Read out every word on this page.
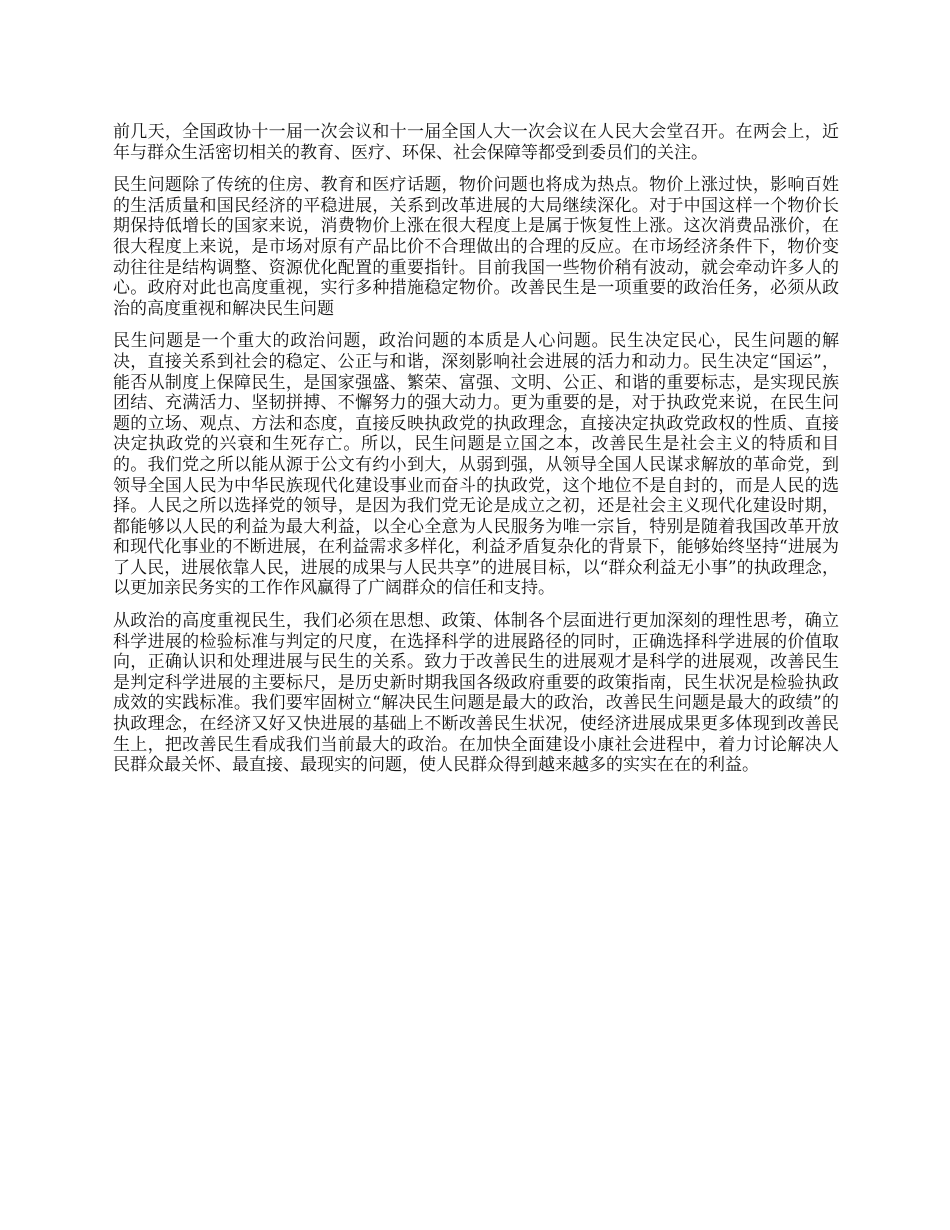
前几天，全国政协十一届一次会议和十一届全国人大一次会议在人民大会堂召开。在两会上，近年与群众生活密切相关的教育、医疗、环保、社会保障等都受到委员们的关注。

民生问题除了传统的住房、教育和医疗话题，物价问题也将成为热点。物价上涨过快，影响百姓的生活质量和国民经济的平稳进展，关系到改革进展的大局继续深化。对于中国这样一个物价长期保持低增长的国家来说，消费物价上涨在很大程度上是属于恢复性上涨。这次消费品涨价，在很大程度上来说，是市场对原有产品比价不合理做出的合理的反应。在市场经济条件下，物价变动往往是结构调整、资源优化配置的重要指针。目前我国一些物价稍有波动，就会牵动许多人的心。政府对此也高度重视，实行多种措施稳定物价。改善民生是一项重要的政治任务，必须从政治的高度重视和解决民生问题

民生问题是一个重大的政治问题，政治问题的本质是人心问题。民生决定民心，民生问题的解决，直接关系到社会的稳定、公正与和谐，深刻影响社会进展的活力和动力。民生决定“国运”，能否从制度上保障民生，是国家强盛、繁荣、富强、文明、公正、和谐的重要标志，是实现民族团结、充满活力、坚韧拼搏、不懈努力的强大动力。更为重要的是，对于执政党来说，在民生问题的立场、观点、方法和态度，直接反映执政党的执政理念，直接决定执政党政权的性质、直接决定执政党的兴衰和生死存亡。所以，民生问题是立国之本，改善民生是社会主义的特质和目的。我们党之所以能从源于公文有约小到大，从弱到强，从领导全国人民谋求解放的革命党，到领导全国人民为中华民族现代化建设事业而奋斗的执政党，这个地位不是自封的，而是人民的选择。人民之所以选择党的领导，是因为我们党无论是成立之初，还是社会主义现代化建设时期，都能够以人民的利益为最大利益，以全心全意为人民服务为唯一宗旨，特别是随着我国改革开放和现代化事业的不断进展，在利益需求多样化，利益矛盾复杂化的背景下，能够始终坚持“进展为了人民，进展依靠人民，进展的成果与人民共享”的进展目标，以“群众利益无小事”的执政理念，以更加亲民务实的工作作风赢得了广阔群众的信任和支持。

从政治的高度重视民生，我们必须在思想、政策、体制各个层面进行更加深刻的理性思考，确立科学进展的检验标准与判定的尺度，在选择科学的进展路径的同时，正确选择科学进展的价值取向，正确认识和处理进展与民生的关系。致力于改善民生的进展观才是科学的进展观，改善民生是判定科学进展的主要标尺，是历史新时期我国各级政府重要的政策指南，民生状况是检验执政成效的实践标准。我们要牢固树立“解决民生问题是最大的政治，改善民生问题是最大的政绩”的执政理念，在经济又好又快进展的基础上不断改善民生状况，使经济进展成果更多体现到改善民生上，把改善民生看成我们当前最大的政治。在加快全面建设小康社会进程中，着力讨论解决人民群众最关怀、最直接、最现实的问题，使人民群众得到越来越多的实实在在的利益。
